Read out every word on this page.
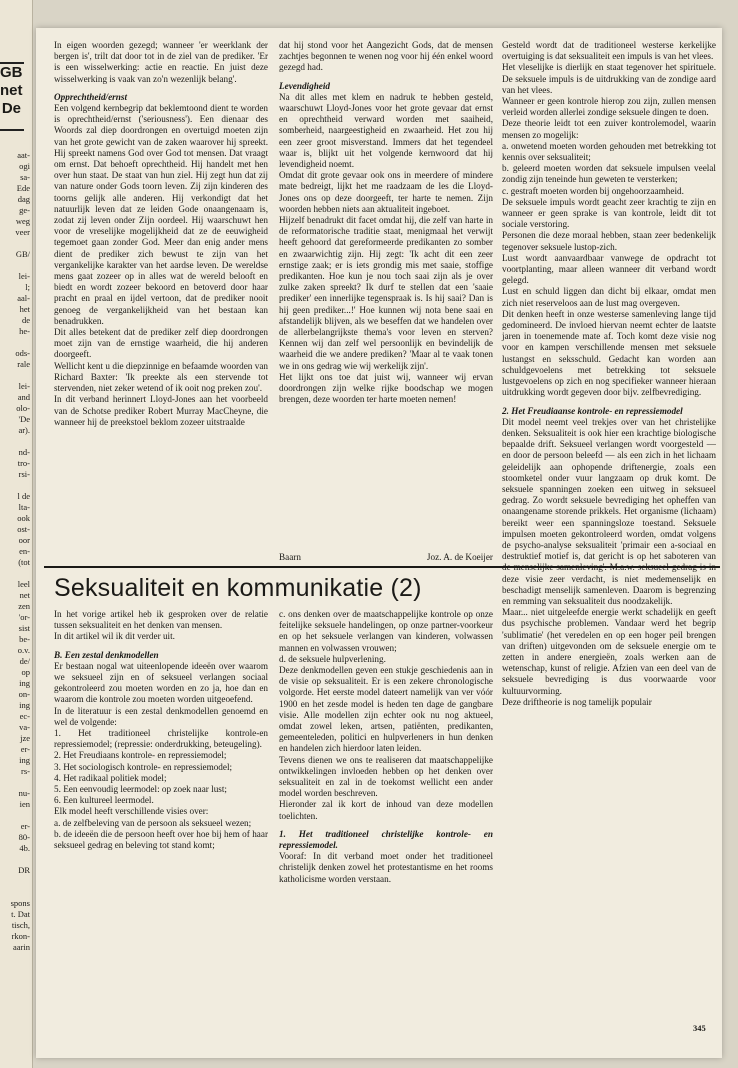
GB
net
De
aat-
ogi
sa-
Ede
dag
ge-
weg
veer
GB/
lei-
l;
aal-
het
de
he-
ods-
rale
lei-
and
olo-
'De
ar).
nd-
tro-
rsi-
l de
lta-
ook
ost-
oor
en-
(tot
leel
net
zen
'or-
sist
be-
o.v.
de/
op
ing
on-
ing
ec-
va-
jze
er-
ing
rs-
nu-
ien
er-
80-
4b.
DR
spons
t. Dat
tisch,
rkon-
aarin

In eigen woorden gezegd; wanneer 'er weerklank der bergen is', trilt dat door tot in de ziel van de prediker. 'Er is een wisselwerking: actie en reactie. En juist deze wisselwerking is vaak van zo'n wezenlijk belang'.

Opprechtheid/ernst

Een volgend kernbegrip dat beklemtoond dient te worden is oprechtheid/ernst ('seriousness'). Een dienaar des Woords zal diep doordrongen en overtuigd moeten zijn van het grote gewicht van de zaken waarover hij spreekt. Hij spreekt namens God over God tot mensen. Dat vraagt om ernst. Dat behoeft oprechtheid. Hij handelt met hen over hun staat. De staat van hun ziel. Hij zegt hun dat zij van nature onder Gods toorn leven. Zij zijn kinderen des toorns gelijk alle anderen. Hij verkondigt dat het natuurlijk leven dat ze leiden Gode onaangenaam is, zodat zij leven onder Zijn oordeel. Hij waarschuwt hen voor de vreselijke mogelijkheid dat ze de eeuwigheid tegemoet gaan zonder God. Meer dan enig ander mens dient de prediker zich bewust te zijn van het vergankelijke karakter van het aardse leven. De wereldse mens gaat zozeer op in alles wat de wereld belooft en biedt en wordt zozeer bekoord en betoverd door haar pracht en praal en ijdel vertoon, dat de prediker nooit genoeg de vergankelijkheid van het bestaan kan benadrukken.

Dit alles betekent dat de prediker zelf diep doordrongen moet zijn van de ernstige waarheid, die hij anderen doorgeeft.

Wellicht kent u die diepzinnige en befaamde woorden van Richard Baxter: 'Ik preekte als een stervende tot stervenden, niet zeker wetend of ik ooit nog preken zou'.

In dit verband herinnert Lloyd-Jones aan het voorbeeld van de Schotse prediker Robert Murray MacCheyne, die wanneer hij de preekstoel beklom zozeer uitstraalde

dat hij stond voor het Aangezicht Gods, dat de mensen zachtjes begonnen te wenen nog voor hij één enkel woord gezegd had.

Levendigheid

Na dit alles met klem en nadruk te hebben gesteld, waarschuwt Lloyd-Jones voor het grote gevaar dat ernst en oprechtheid verward worden met saaiheid, somberheid, naargeestigheid en zwaarheid. Het zou hij een zeer groot misverstand. Immers dat het tegendeel waar is, blijkt uit het volgende kernwoord dat hij levendigheid noemt.

Omdat dit grote gevaar ook ons in meerdere of mindere mate bedreigt, lijkt het me raadzaam de les die Lloyd-Jones ons op deze doorgeeft, ter harte te nemen. Zijn woorden hebben niets aan aktualiteit ingeboet.

Hijzelf benadrukt dit facet omdat hij, die zelf van harte in de reformatorische traditie staat, menigmaal het verwijt heeft gehoord dat gereformeerde predikanten zo somber en zwaarwichtig zijn. Hij zegt: 'Ik acht dit een zeer ernstige zaak; er is iets grondig mis met saaie, stoffige predikanten. Hoe kun je nou toch saai zijn als je over zulke zaken spreekt? Ik durf te stellen dat een 'saaie prediker' een innerlijke tegenspraak is. Is hij saai? Dan is hij geen prediker...!' Hoe kunnen wij nota bene saai en afstandelijk blijven, als we beseffen dat we handelen over de allerbelangrijkste thema's voor leven en sterven? Kennen wij dan zelf wel persoonlijk en bevindelijk de waarheid die we andere prediken? 'Maar al te vaak tonen we in ons gedrag wie wij werkelijk zijn'.

Het lijkt ons toe dat juist wij, wanneer wij ervan doordrongen zijn welke rijke boodschap we mogen brengen, deze woorden ter harte moeten nemen!

Gesteld wordt dat de traditioneel westerse kerkelijke overtuiging is dat seksualiteit een impuls is van het vlees.

Het vleselijke is dierlijk en staat tegenover het spirituele. De seksuele impuls is de uitdrukking van de zondige aard van het vlees.

Wanneer er geen kontrole hierop zou zijn, zullen mensen verleid worden allerlei zondige seksuele dingen te doen.

Deze theorie leidt tot een zuiver kontrolemodel, waarin mensen zo mogelijk:

a. onwetend moeten worden gehouden met betrekking tot kennis over seksualiteit;

b. geleerd moeten worden dat seksuele impulsen veelal zondig zijn teneinde hun geweten te versterken;

c. gestraft moeten worden bij ongehoorzaamheid.

De seksuele impuls wordt geacht zeer krachtig te zijn en wanneer er geen sprake is van kontrole, leidt dit tot sociale verstoring.

Personen die deze moraal hebben, staan zeer bedenkelijk tegenover seksuele lustop-zich.

Lust wordt aanvaardbaar vanwege de opdracht tot voortplanting, maar alleen wanneer dit verband wordt gelegd.

Lust en schuld liggen dan dicht bij elkaar, omdat men zich niet reserveloos aan de lust mag overgeven.

Dit denken heeft in onze westerse samenleving lange tijd gedomineerd. De invloed hiervan neemt echter de laatste jaren in toenemende mate af. Toch komt deze visie nog voor en kampen verschillende mensen met seksuele lustangst en seksschuld. Gedacht kan worden aan schuldgevoelens met betrekking tot seksuele lustgevoelens op zich en nog specifieker wanneer hieraan uitdrukking wordt gegeven door bijv. zelfbevrediging.

2. Het Freudiaanse kontrole- en repressiemodel

Dit model neemt veel trekjes over van het christelijke denken. Seksualiteit is ook hier een krachtige biologische bepaalde drift. Seksueel verlangen wordt voorgesteld — en door de persoon beleefd — als een zich in het lichaam geleidelijk aan ophopende driftenergie, zoals een stoomketel onder vuur langzaam op druk komt. De seksuele spanningen zoeken een uitweg in seksueel gedrag. Zo wordt seksuele bevrediging het opheffen van onaangename storende prikkels. Het organisme (lichaam) bereikt weer een spanningsloze toestand. Seksuele impulsen moeten gekontroleerd worden, omdat volgens de psycho-analyse seksualiteit 'primair een a-sociaal en destruktief motief is, dat gericht is op het saboteren van deze visie zeer verdacht, is niet medemenselijk en beschadigt menselijk samenleven. Daarom is begrenzing en remming van seksualiteit dus noodzakelijk.

Maar... niet uitgeleefde energie werkt schadelijk en geeft dus psychische problemen. Vandaar werd het begrip 'sublimatie' (het veredelen en op een hoger peil brengen van driften) uitgevonden om de seksuele energie om te zetten in andere energieën, zoals werken aan de wetenschap, kunst of religie. Afzien van een deel van de seksuele bevrediging is dus voorwaarde voor kultuurvorming.

Deze driftheorie is nog tamelijk populair

Baarn	Joz. A. de Koeijer
Seksualiteit en kommunikatie (2)

In het vorige artikel heb ik gesproken over de relatie tussen seksualiteit en het denken van mensen.

In dit artikel wil ik dit verder uit.

B. Een zestal denkmodellen

Er bestaan nogal wat uiteenlopende ideeën over waarom we seksueel zijn en of seksueel verlangen sociaal gekontroleerd zou moeten worden en zo ja, hoe dan en waarom die kontrole zou moeten worden uitgeoefend.

In de literatuur is een zestal denkmodellen genoemd en wel de volgende:

1. Het traditioneel christelijke kontrole-en repressiemodel; (repressie: onderdrukking, beteugeling).

2. Het Freudiaans kontrole- en repressiemodel;

3. Het sociologisch kontrole- en repressiemodel;

4. Het radikaal politiek model;

5. Een eenvoudig leermodel: op zoek naar lust;

6. Een kultureel leermodel.

Elk model heeft verschillende visies over:

a. de zelfbeleving van de persoon als seksueel wezen;

b. de ideeën die de persoon heeft over hoe bij hem of haar seksueel gedrag en beleving tot stand komt;

c. ons denken over de maatschappelijke kontrole op onze feitelijke seksuele handelingen, op onze partner-voorkeur en op het seksuele verlangen van kinderen, volwassen mannen en volwassen vrouwen;

d. de seksuele hulpverlening.

Deze denkmodellen geven een stukje geschiedenis aan in de visie op seksualiteit. Er is een zekere chronologische volgorde. Het eerste model dateert namelijk van ver vóór 1900 en het zesde model is heden ten dage de gangbare visie. Alle modellen zijn echter ook nu nog aktueel, omdat zowel leken, artsen, patiënten, predikanten, gemeenteleden, politici en hulpverleners in hun denken en handelen zich hierdoor laten leiden.

Tevens dienen we ons te realiseren dat maatschappelijke ontwikkelingen invloeden hebben op het denken over seksualiteit en zal in de toekomst wellicht een ander model worden beschreven.

Hieronder zal ik kort de inhoud van deze modellen toelichten.

1. Het traditioneel christelijke kontrole- en repressiemodel.

Vooraf: In dit verband moet onder het traditioneel christelijk denken zowel het protestantisme en het rooms katholicisme worden verstaan.

345
